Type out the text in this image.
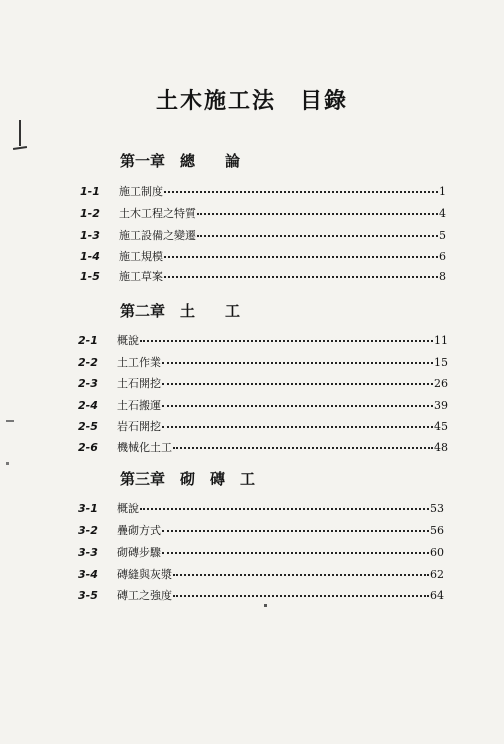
土木施工法　目錄
第一章　總　　論
1-1	施工制度	1
1-2	土木工程之特質	4
1-3	施工設備之變遷	5
1-4	施工規模	6
1-5	施工草案	8
第二章　土　　工
2-1	概說	11
2-2	土工作業	15
2-3	土石開挖	26
2-4	土石搬運	39
2-5	岩石開挖	45
2-6	機械化土工	48
第三章　砌　磚　工
3-1	概說	53
3-2	疊砌方式	56
3-3	砌磚步驟	60
3-4	磚縫與灰漿	62
3-5	磚工之強度	64
